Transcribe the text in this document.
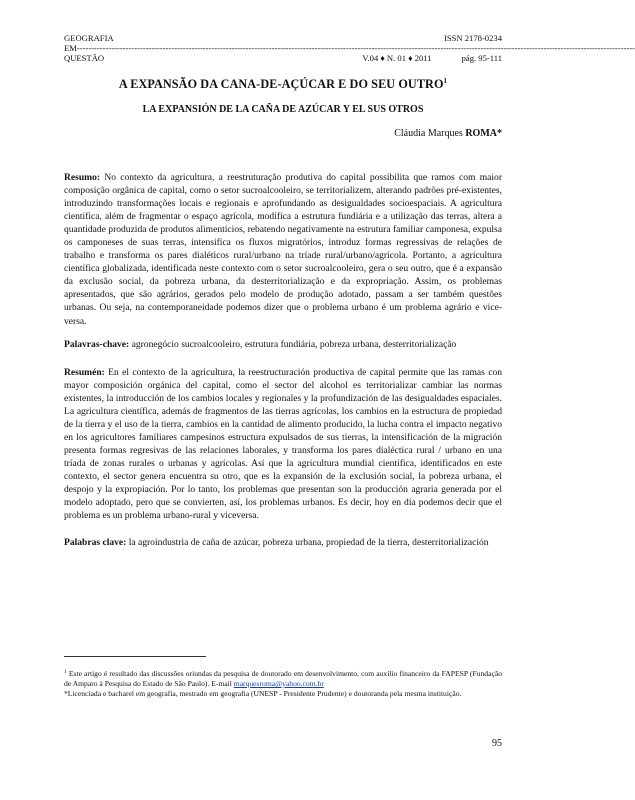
GEOGRAFIA	ISSN 2178-0234
EM---------------------------------------------------------------------------------------------------------------------------------------------------------------------------------------------------
QUESTÃO	V.04 ♦ N. 01 ♦ 2011	pág. 95-111
A EXPANSÃO DA CANA-DE-AÇÚCAR E DO SEU OUTRO$^1$
LA EXPANSIÓN DE LA CAÑA DE AZÚCAR Y EL SUS OTROS
Cláudia Marques ROMA*

Resumo: No contexto da agricultura, a reestruturação produtiva do capital possibilita que ramos com maior composição orgânica de capital, como o setor sucroalcooleiro, se territorializem, alterando padrões pré-existentes, introduzindo transformações locais e regionais e aprofundando as desigualdades socioespaciais. A agricultura científica, além de fragmentar o espaço agrícola, modifica a estrutura fundiária e a utilização das terras, altera a quantidade produzida de produtos alimentícios, rebatendo negativamente na estrutura familiar camponesa, expulsa os camponeses de suas terras, intensifica os fluxos migratórios, introduz formas regressivas de relações de trabalho e transforma os pares dialéticos rural/urbano na tríade rural/urbano/agrícola. Portanto, a agricultura científica globalizada, identificada neste contexto com o setor sucroalcooleiro, gera o seu outro, que é a expansão da exclusão social, da pobreza urbana, da desterritorialização e da expropriação. Assim, os problemas apresentados, que são agrários, gerados pelo modelo de produção adotado, passam a ser também questões urbanas. Ou seja, na contemporaneidade podemos dizer que o problema urbano é um problema agrário e vice-versa.

Palavras-chave: agronegócio sucroalcooleiro, estrutura fundiária, pobreza urbana, desterritorialização

Resumén: En el contexto de la agricultura, la reestructuración productiva de capital permite que las ramas con mayor composición orgánica del capital, como el sector del alcohol es territorializar cambiar las normas existentes, la introducción de los cambios locales y regionales y la profundización de las desigualdades espaciales. La agricultura científica, además de fragmentos de las tierras agrícolas, los cambios en la estructura de propiedad de la tierra y el uso de la tierra, cambios en la cantidad de alimento producido, la lucha contra el impacto negativo en los agricultores familiares campesinos estructura expulsados de sus tierras, la intensificación de la migración presenta formas regresivas de las relaciones laborales, y transforma los pares dialéctica rural / urbano en una tríada de zonas rurales o urbanas y agrícolas. Así que la agricultura mundial científica, identificados en este contexto, el sector genera encuentra su otro, que es la expansión de la exclusión social, la pobreza urbana, el despojo y la expropiación. Por lo tanto, los problemas que presentan son la producción agraria generada por el modelo adoptado, pero que se convierten, así, los problemas urbanos. Es decir, hoy en día podemos decir que el problema es un problema urbano-rural y viceversa.

Palabras clave: la agroindustria de caña de azúcar, pobreza urbana, propiedad de la tierra, desterritorialización

$^1$ Este artigo é resultado das discussões oriundas da pesquisa de doutorado em desenvolvimento, com auxílio financeiro da FAPESP (Fundação de Amparo à Pesquisa do Estado de São Paulo). E-mail marquesroma@yahoo.com.br

*Licenciada e bacharel em geografia, mestrado em geografia (UNESP - Presidente Prudente) e doutoranda pela mesma instituição.

95
